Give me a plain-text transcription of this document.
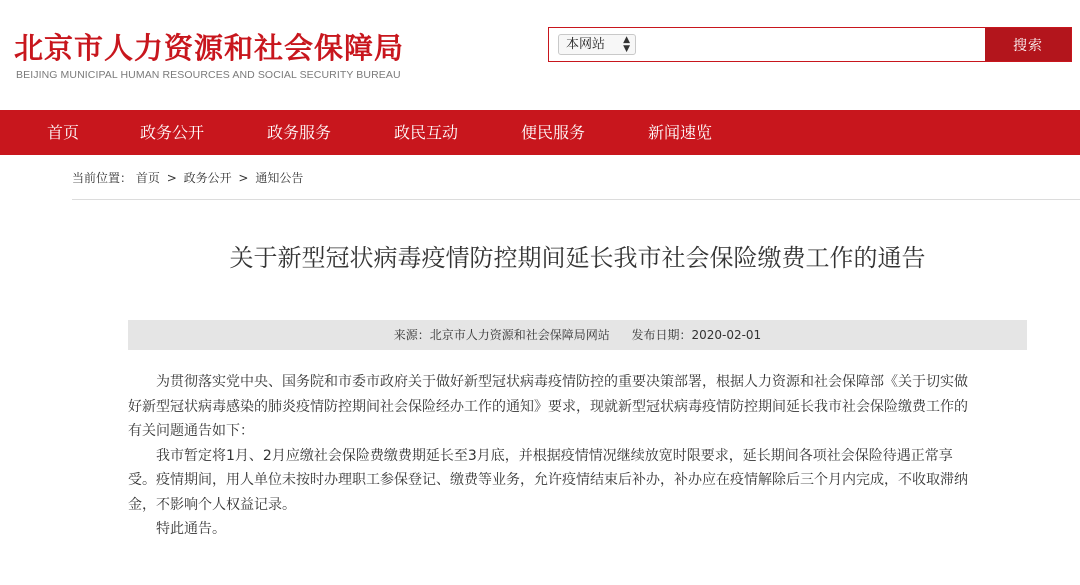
北京市人力资源和社会保障局
BEIJING MUNICIPAL HUMAN RESOURCES AND SOCIAL SECURITY BUREAU
本网站 ▲
▼	搜索
首页	政务公开	政务服务	政民互动	便民服务	新闻速览
当前位置： 首页 > 政务公开 > 通知公告
关于新型冠状病毒疫情防控期间延长我市社会保险缴费工作的通告
来源：北京市人力资源和社会保障局网站 发布日期：2020-02-01
为贯彻落实党中央、国务院和市委市政府关于做好新型冠状病毒疫情防控的重要决策部署，根据人力资源和社会保障部《关于切实做
好新型冠状病毒感染的肺炎疫情防控期间社会保险经办工作的通知》要求，现就新型冠状病毒疫情防控期间延长我市社会保险缴费工作的
有关问题通告如下：
我市暂定将1月、2月应缴社会保险费缴费期延长至3月底，并根据疫情情况继续放宽时限要求，延长期间各项社会保险待遇正常享
受。疫情期间，用人单位未按时办理职工参保登记、缴费等业务，允许疫情结束后补办，补办应在疫情解除后三个月内完成，不收取滞纳
金，不影响个人权益记录。
特此通告。
